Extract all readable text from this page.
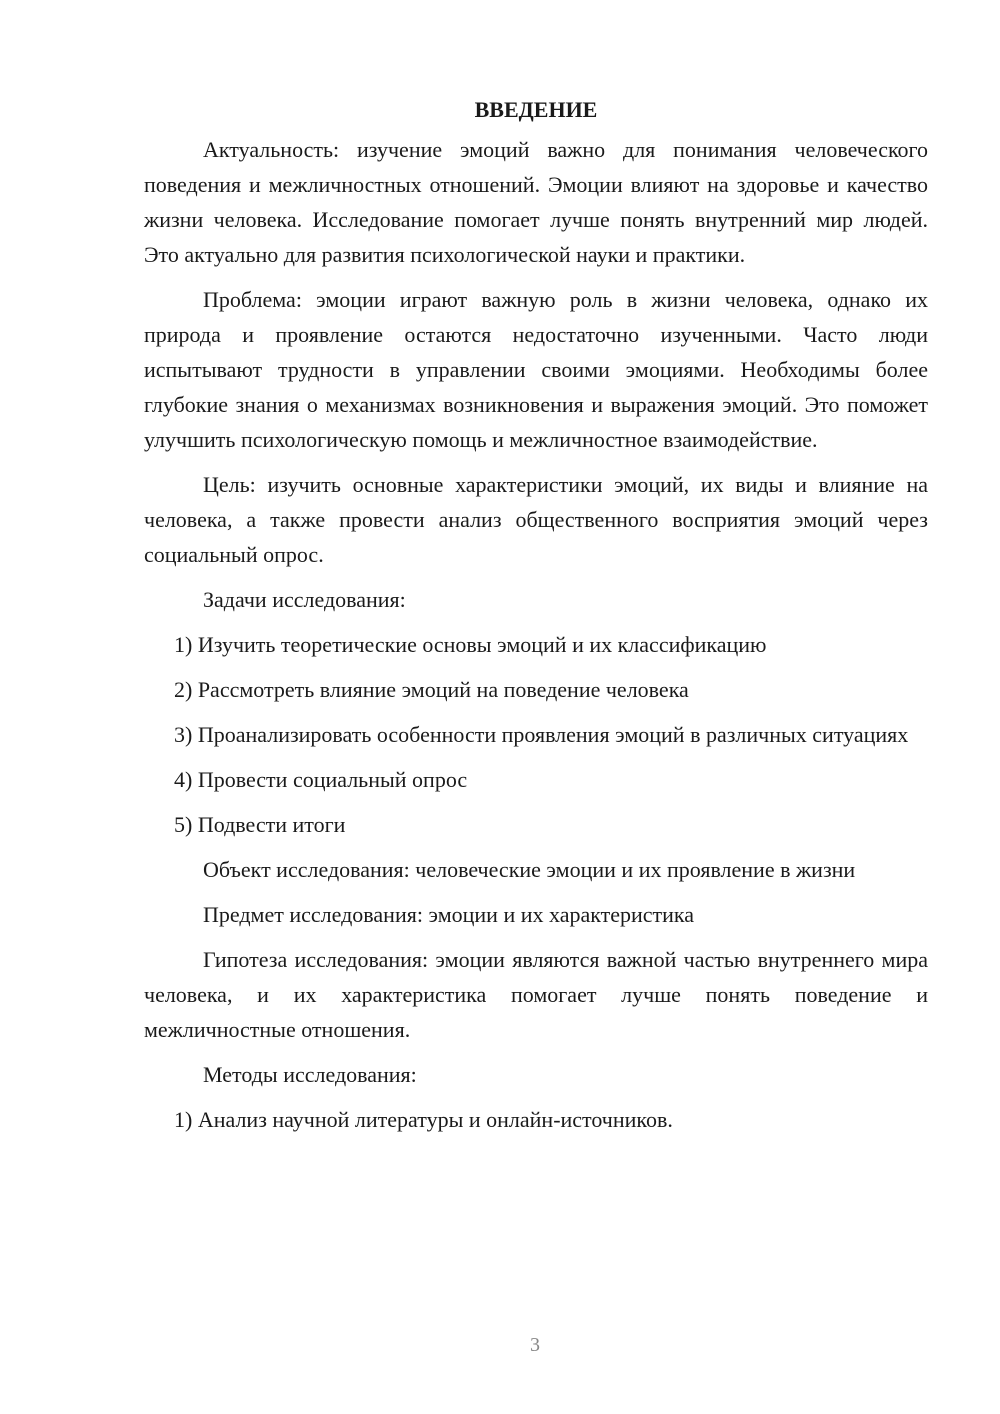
ВВЕДЕНИЕ

Актуальность: изучение эмоций важно для понимания человеческого поведения и межличностных отношений. Эмоции влияют на здоровье и качество жизни человека. Исследование помогает лучше понять внутренний мир людей. Это актуально для развития психологической науки и практики.

Проблема: эмоции играют важную роль в жизни человека, однако их природа и проявление остаются недостаточно изученными. Часто люди испытывают трудности в управлении своими эмоциями. Необходимы более глубокие знания о механизмах возникновения и выражения эмоций. Это поможет улучшить психологическую помощь и межличностное взаимодействие.

Цель: изучить основные характеристики эмоций, их виды и влияние на человека, а также провести анализ общественного восприятия эмоций через социальный опрос.

Задачи исследования:

1) Изучить теоретические основы эмоций и их классификацию

2) Рассмотреть влияние эмоций на поведение человека

3) Проанализировать особенности проявления эмоций в различных ситуациях

4) Провести социальный опрос

5) Подвести итоги

Объект исследования: человеческие эмоции и их проявление в жизни

Предмет исследования: эмоции и их характеристика

Гипотеза исследования: эмоции являются важной частью внутреннего мира человека, и их характеристика помогает лучше понять поведение и межличностные отношения.

Методы исследования:

1) Анализ научной литературы и онлайн-источников.

3
